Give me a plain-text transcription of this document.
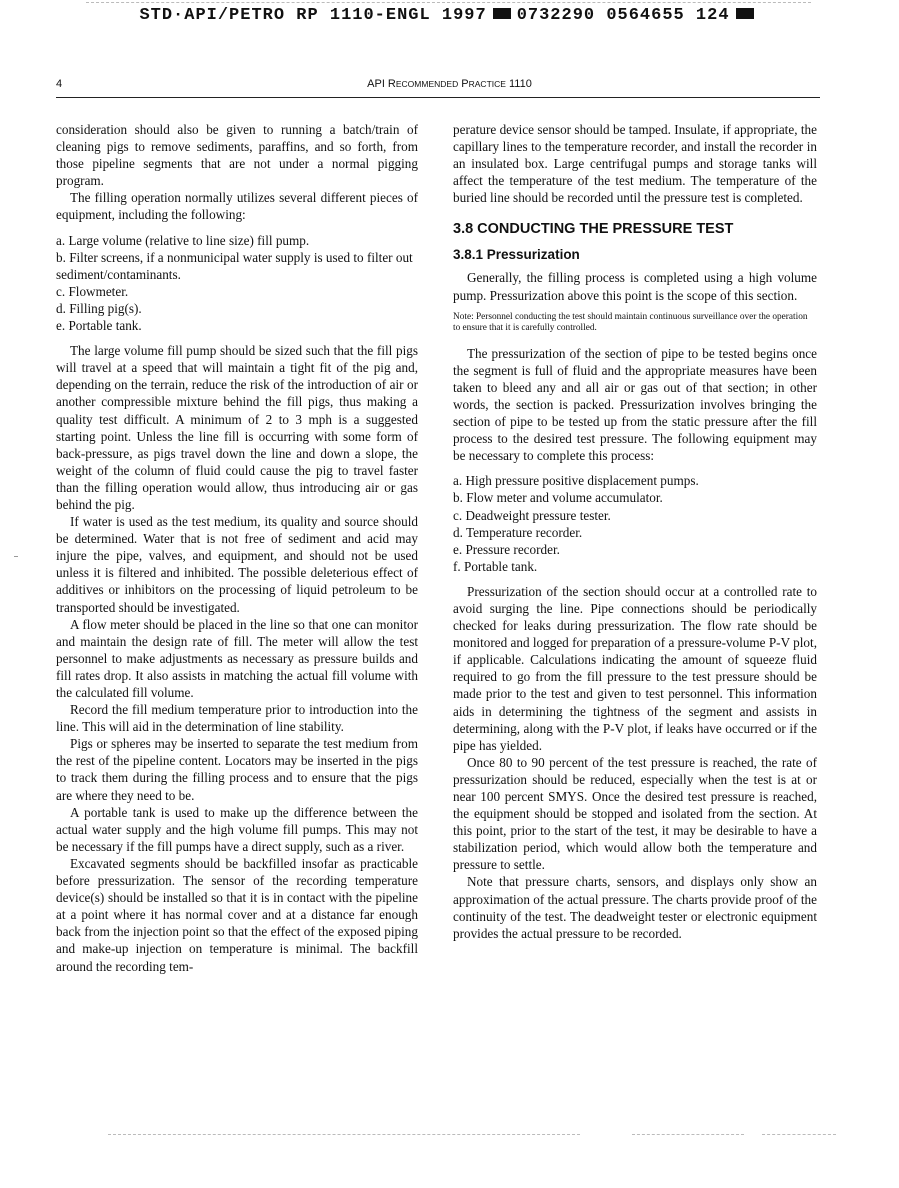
STD·API/PETRO RP 1110-ENGL 1997 0732290 0564655 124
4	API RECOMMENDED PRACTICE 1110

consideration should also be given to running a batch/train of cleaning pigs to remove sediments, paraffins, and so forth, from those pipeline segments that are not under a normal pigging program.

The filling operation normally utilizes several different pieces of equipment, including the following:

a. Large volume (relative to line size) fill pump.
b. Filter screens, if a nonmunicipal water supply is used to filter out sediment/contaminants.
c. Flowmeter.
d. Filling pig(s).
e. Portable tank.

The large volume fill pump should be sized such that the fill pigs will travel at a speed that will maintain a tight fit of the pig and, depending on the terrain, reduce the risk of the introduction of air or another compressible mixture behind the fill pigs, thus making a quality test difficult. A minimum of 2 to 3 mph is a suggested starting point. Unless the line fill is occurring with some form of back-pressure, as pigs travel down the line and down a slope, the weight of the column of fluid could cause the pig to travel faster than the filling operation would allow, thus introducing air or gas behind the pig.

If water is used as the test medium, its quality and source should be determined. Water that is not free of sediment and acid may injure the pipe, valves, and equipment, and should not be used unless it is filtered and inhibited. The possible deleterious effect of additives or inhibitors on the processing of liquid petroleum to be transported should be investigated.

A flow meter should be placed in the line so that one can monitor and maintain the design rate of fill. The meter will allow the test personnel to make adjustments as necessary as pressure builds and fill rates drop. It also assists in matching the actual fill volume with the calculated fill volume.

Record the fill medium temperature prior to introduction into the line. This will aid in the determination of line stability.

Pigs or spheres may be inserted to separate the test medium from the rest of the pipeline content. Locators may be inserted in the pigs to track them during the filling process and to ensure that the pigs are where they need to be.

A portable tank is used to make up the difference between the actual water supply and the high volume fill pumps. This may not be necessary if the fill pumps have a direct supply, such as a river.

Excavated segments should be backfilled insofar as practicable before pressurization. The sensor of the recording temperature device(s) should be installed so that it is in contact with the pipeline at a point where it has normal cover and at a distance far enough back from the injection point so that the effect of the exposed piping and make-up injection on temperature is minimal. The backfill around the recording tem-

perature device sensor should be tamped. Insulate, if appropriate, the capillary lines to the temperature recorder, and install the recorder in an insulated box. Large centrifugal pumps and storage tanks will affect the temperature of the test medium. The temperature of the buried line should be recorded until the pressure test is completed.

3.8 CONDUCTING THE PRESSURE TEST
3.8.1 Pressurization

Generally, the filling process is completed using a high volume pump. Pressurization above this point is the scope of this section.

Note: Personnel conducting the test should maintain continuous surveillance over the operation to ensure that it is carefully controlled.

The pressurization of the section of pipe to be tested begins once the segment is full of fluid and the appropriate measures have been taken to bleed any and all air or gas out of that section; in other words, the section is packed. Pressurization involves bringing the section of pipe to be tested up from the static pressure after the fill process to the desired test pressure. The following equipment may be necessary to complete this process:

a. High pressure positive displacement pumps.
b. Flow meter and volume accumulator.
c. Deadweight pressure tester.
d. Temperature recorder.
e. Pressure recorder.
f. Portable tank.

Pressurization of the section should occur at a controlled rate to avoid surging the line. Pipe connections should be periodically checked for leaks during pressurization. The flow rate should be monitored and logged for preparation of a pressure-volume P-V plot, if applicable. Calculations indicating the amount of squeeze fluid required to go from the fill pressure to the test pressure should be made prior to the test and given to test personnel. This information aids in determining the tightness of the segment and assists in determining, along with the P-V plot, if leaks have occurred or if the pipe has yielded.

Once 80 to 90 percent of the test pressure is reached, the rate of pressurization should be reduced, especially when the test is at or near 100 percent SMYS. Once the desired test pressure is reached, the equipment should be stopped and isolated from the section. At this point, prior to the start of the test, it may be desirable to have a stabilization period, which would allow both the temperature and pressure to settle.

Note that pressure charts, sensors, and displays only show an approximation of the actual pressure. The charts provide proof of the continuity of the test. The deadweight tester or electronic equipment provides the actual pressure to be recorded.
